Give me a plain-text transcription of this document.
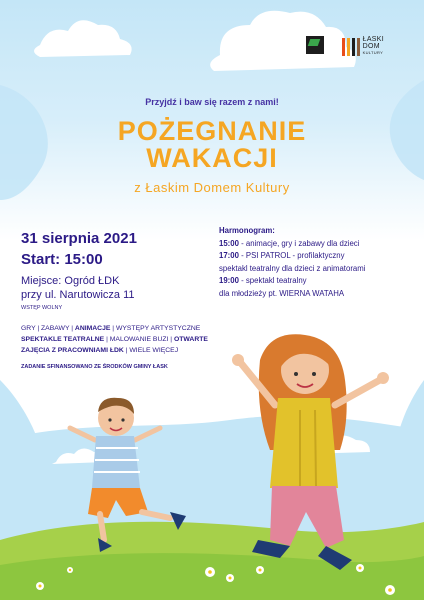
ŁASKI
DOM
KULTURY
Przyjdź i baw się razem z nami!
POŻEGNANIE
WAKACJI
z Łaskim Domem Kultury
31 sierpnia 2021
Start: 15:00
Miejsce: Ogród ŁDK
przy ul. Narutowicza 11
WSTĘP WOLNY
GRY | ZABAWY | ANIMACJE | WYSTĘPY ARTYSTYCZNE
SPEKTAKLE TEATRALNE | MALOWANIE BUZI | OTWARTE
ZAJĘCIA Z PRACOWNIAMI ŁDK | WIELE WIĘCEJ
ZADANIE SFINANSOWANO ZE ŚRODKÓW GMINY ŁASK
Harmonogram:
15:00 - animacje, gry i zabawy dla dzieci
17:00 - PSI PATROL - profilaktyczny
spektakl teatralny dla dzieci z animatorami
19:00 - spektakl teatralny
dla młodzieży pt. WIERNA WATAHA
